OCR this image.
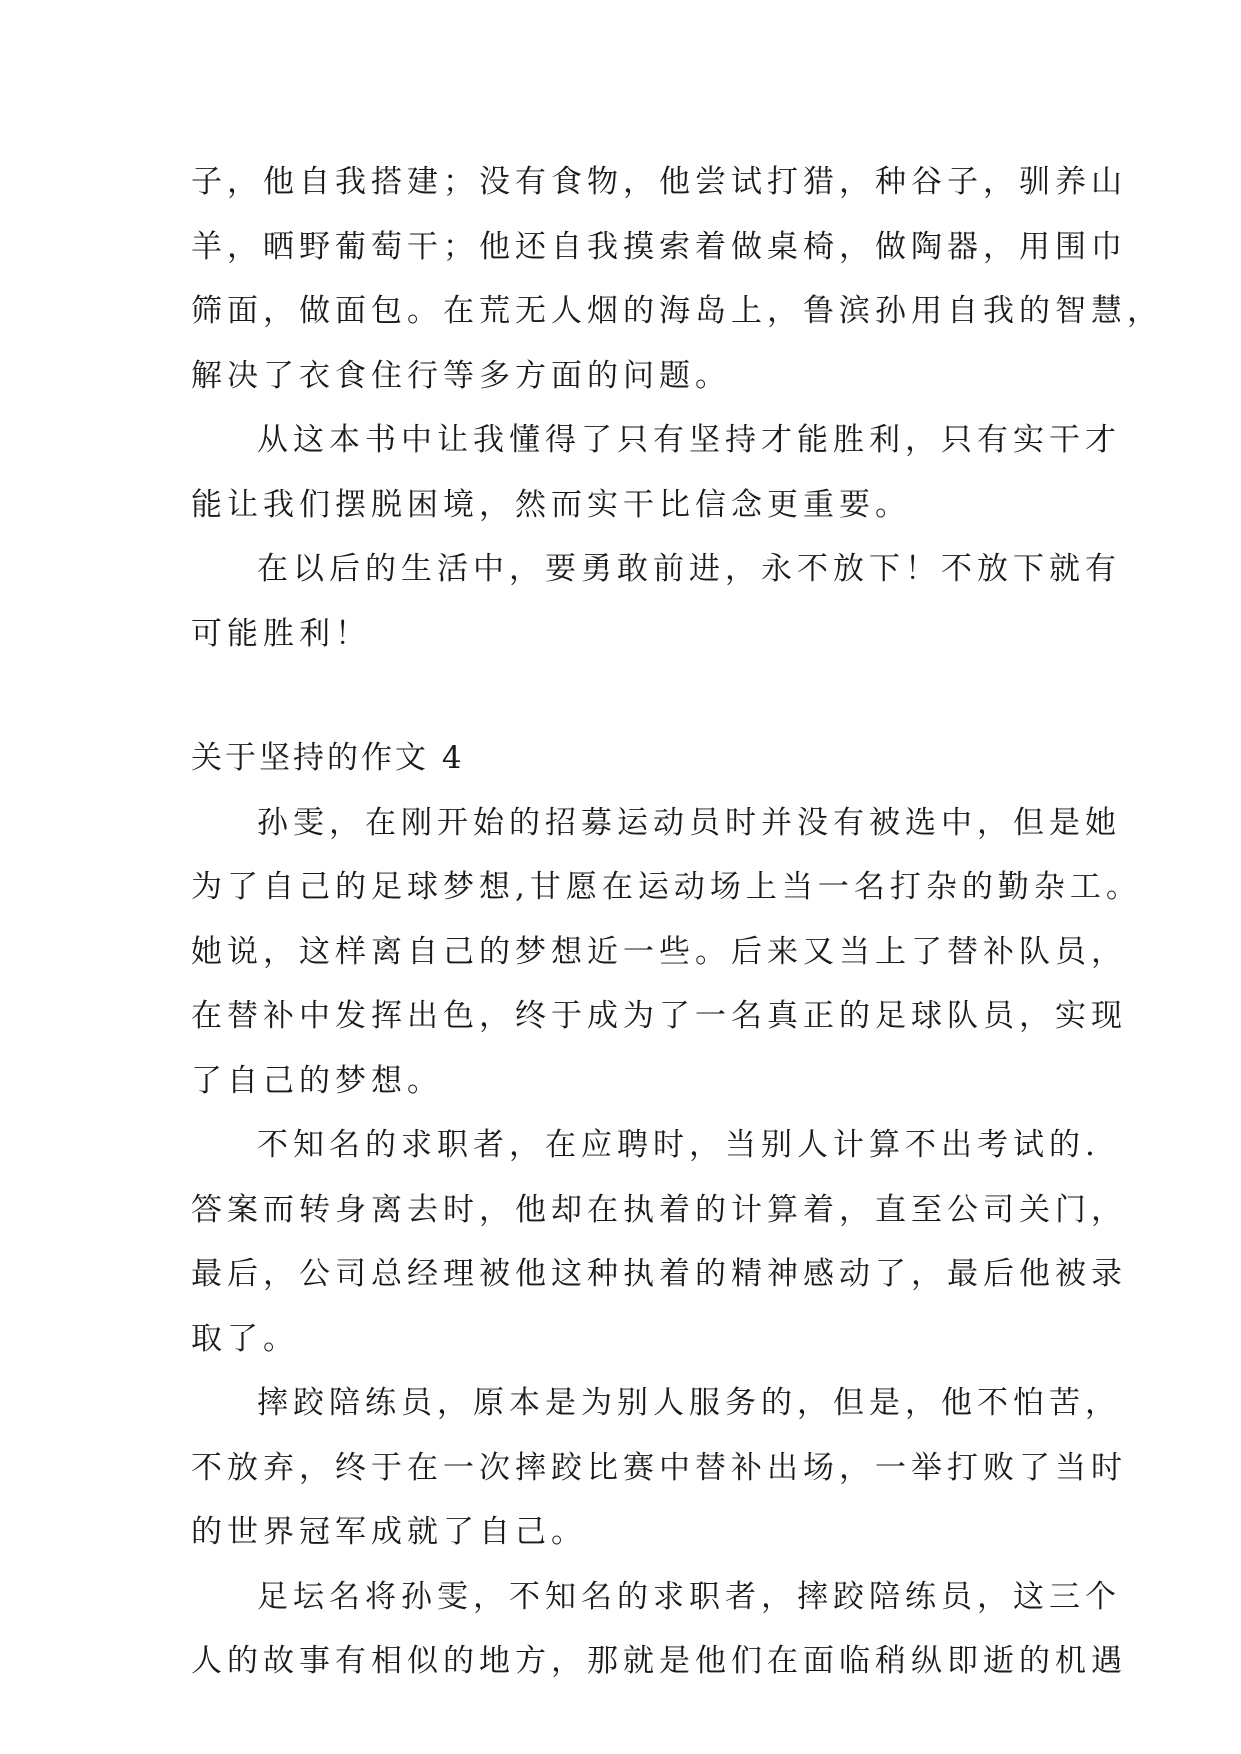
子，他自我搭建；没有食物，他尝试打猎，种谷子，驯养山
羊，晒野葡萄干；他还自我摸索着做桌椅，做陶器，用围巾
筛面，做面包。在荒无人烟的海岛上，鲁滨孙用自我的智慧，
解决了衣食住行等多方面的问题。
从这本书中让我懂得了只有坚持才能胜利，只有实干才
能让我们摆脱困境，然而实干比信念更重要。
在以后的生活中，要勇敢前进，永不放下！不放下就有
可能胜利！
关于坚持的作文 4
孙雯，在刚开始的招募运动员时并没有被选中，但是她
为了自己的足球梦想,甘愿在运动场上当一名打杂的勤杂工。
她说，这样离自己的梦想近一些。后来又当上了替补队员，
在替补中发挥出色，终于成为了一名真正的足球队员，实现
了自己的梦想。
不知名的求职者，在应聘时，当别人计算不出考试的.
答案而转身离去时，他却在执着的计算着，直至公司关门，
最后，公司总经理被他这种执着的精神感动了，最后他被录
取了。
摔跤陪练员，原本是为别人服务的，但是，他不怕苦，
不放弃，终于在一次摔跤比赛中替补出场，一举打败了当时
的世界冠军成就了自己。
足坛名将孙雯，不知名的求职者，摔跤陪练员，这三个
人的故事有相似的地方，那就是他们在面临稍纵即逝的机遇
